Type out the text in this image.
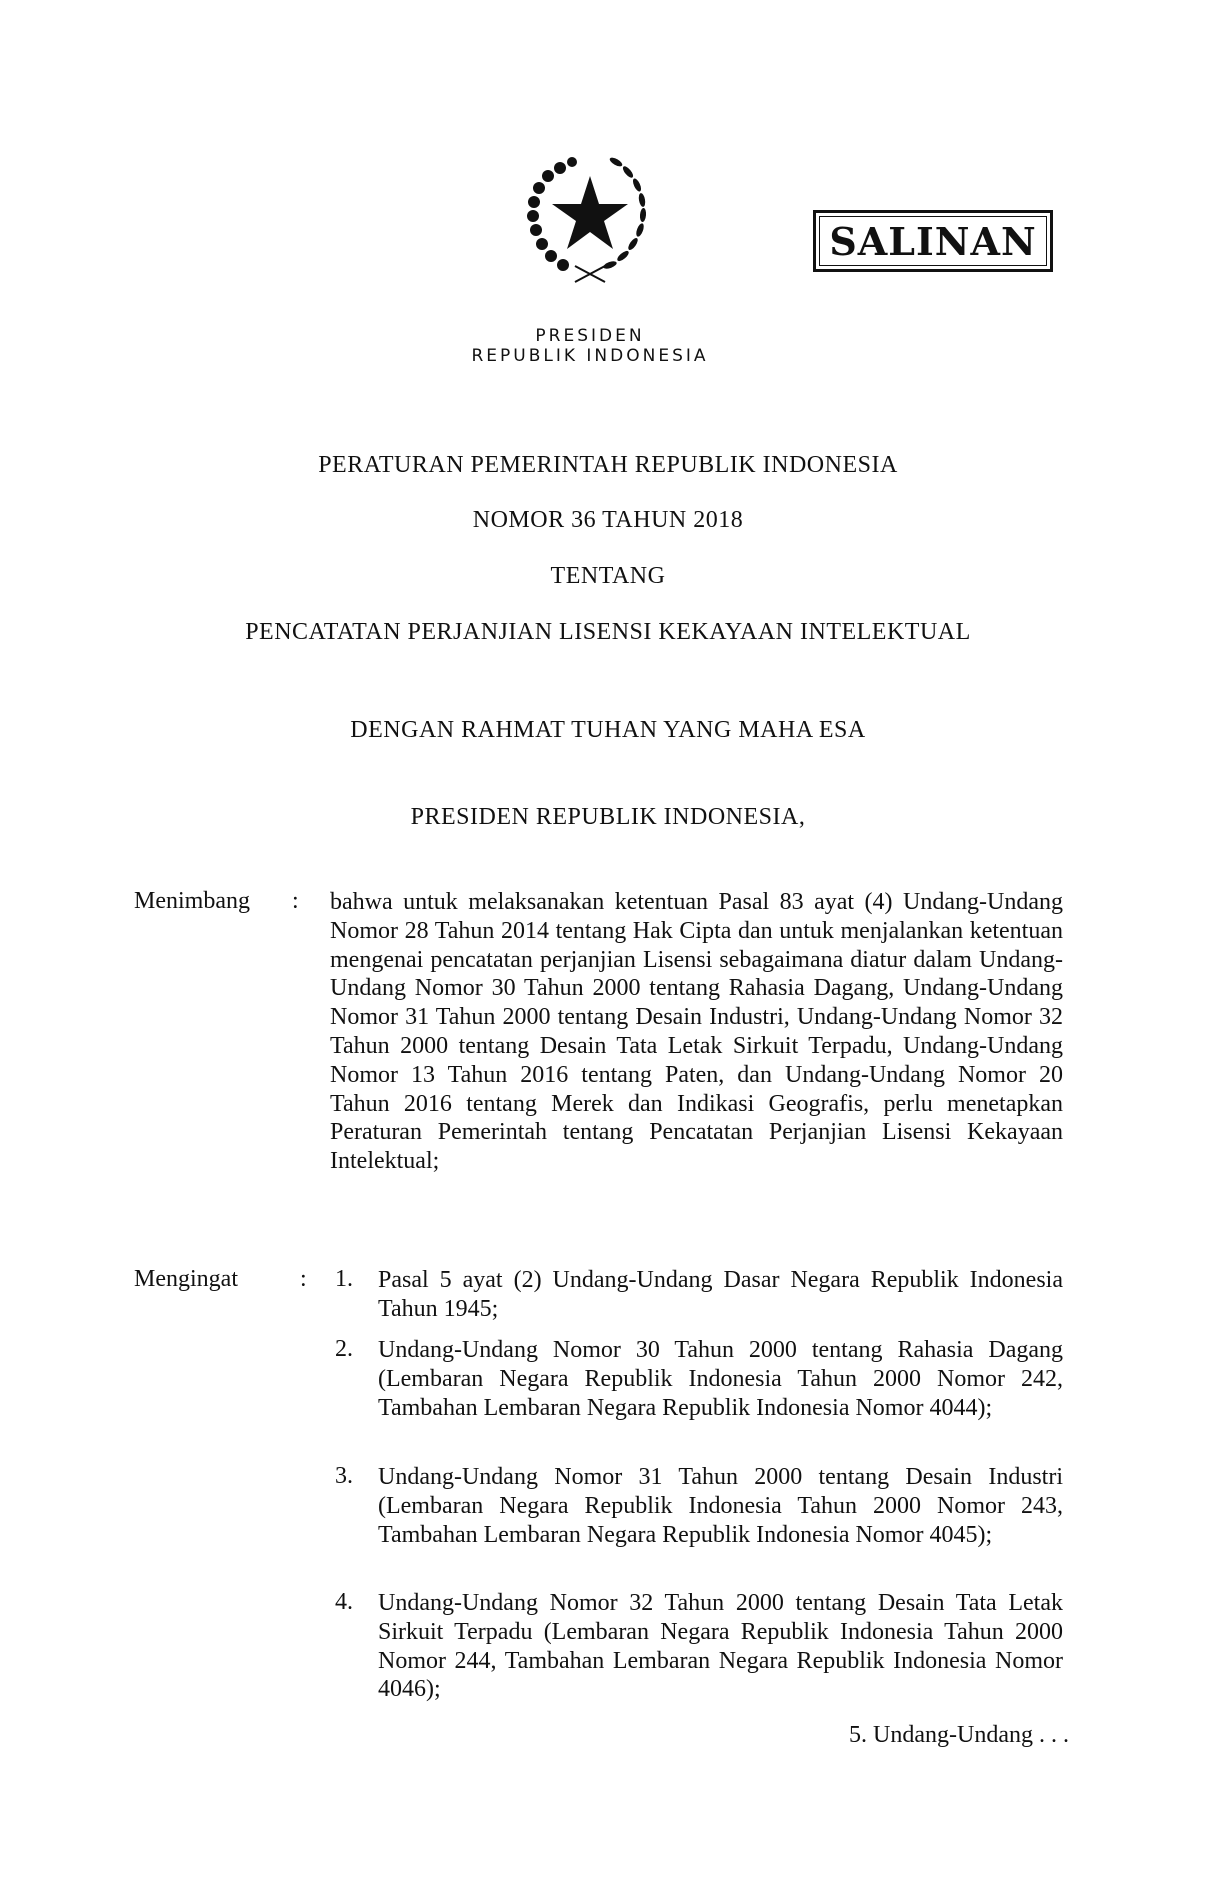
SALINAN
PRESIDEN
REPUBLIK INDONESIA
PERATURAN PEMERINTAH REPUBLIK INDONESIA
NOMOR 36 TAHUN 2018
TENTANG
PENCATATAN PERJANJIAN LISENSI KEKAYAAN INTELEKTUAL
DENGAN RAHMAT TUHAN YANG MAHA ESA
PRESIDEN REPUBLIK INDONESIA,
Menimbang : bahwa untuk melaksanakan ketentuan Pasal 83 ayat (4) Undang-Undang Nomor 28 Tahun 2014 tentang Hak Cipta dan untuk menjalankan ketentuan mengenai pencatatan perjanjian Lisensi sebagaimana diatur dalam Undang-Undang Nomor 30 Tahun 2000 tentang Rahasia Dagang, Undang-Undang Nomor 31 Tahun 2000 tentang Desain Industri, Undang-Undang Nomor 32 Tahun 2000 tentang Desain Tata Letak Sirkuit Terpadu, Undang-Undang Nomor 13 Tahun 2016 tentang Paten, dan Undang-Undang Nomor 20 Tahun 2016 tentang Merek dan Indikasi Geografis, perlu menetapkan Peraturan Pemerintah tentang Pencatatan Perjanjian Lisensi Kekayaan Intelektual;
Mengingat	: 1. Pasal 5 ayat (2) Undang-Undang Dasar Negara Republik Indonesia Tahun 1945;
2. Undang-Undang Nomor 30 Tahun 2000 tentang Rahasia Dagang (Lembaran Negara Republik Indonesia Tahun 2000 Nomor 242, Tambahan Lembaran Negara Republik Indonesia Nomor 4044);
3. Undang-Undang Nomor 31 Tahun 2000 tentang Desain Industri (Lembaran Negara Republik Indonesia Tahun 2000 Nomor 243, Tambahan Lembaran Negara Republik Indonesia Nomor 4045);
4. Undang-Undang Nomor 32 Tahun 2000 tentang Desain Tata Letak Sirkuit Terpadu (Lembaran Negara Republik Indonesia Tahun 2000 Nomor 244, Tambahan Lembaran Negara Republik Indonesia Nomor 4046);
5. Undang-Undang . . .
